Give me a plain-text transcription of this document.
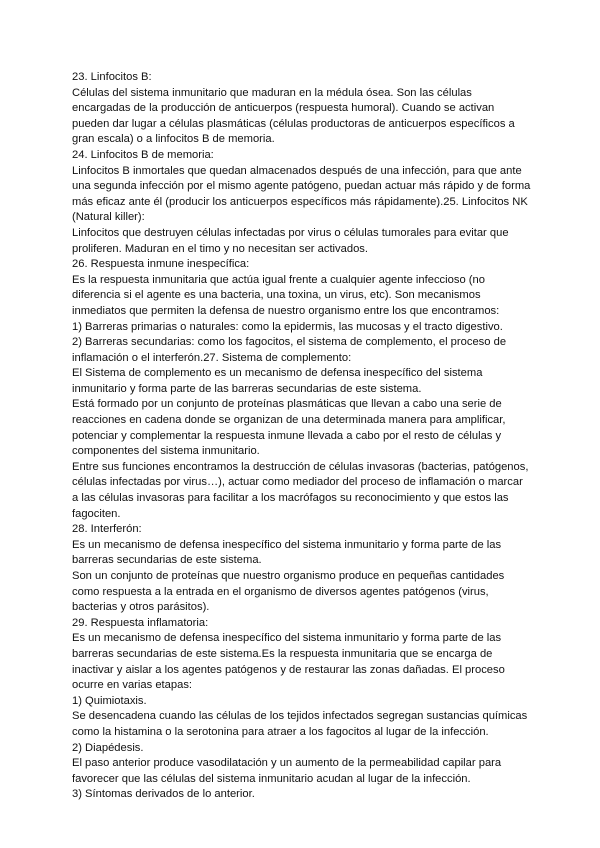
23. Linfocitos B:
Células del sistema inmunitario que maduran en la médula ósea. Son las células
encargadas de la producción de anticuerpos (respuesta humoral). Cuando se activan
pueden dar lugar a células plasmáticas (células productoras de anticuerpos específicos a
gran escala) o a linfocitos B de memoria.
24. Linfocitos B de memoria:
Linfocitos B inmortales que quedan almacenados después de una infección, para que ante
una segunda infección por el mismo agente patógeno, puedan actuar más rápido y de forma
más eficaz ante él (producir los anticuerpos específicos más rápidamente).25. Linfocitos NK
(Natural killer):
Linfocitos que destruyen células infectadas por virus o células tumorales para evitar que
proliferen. Maduran en el timo y no necesitan ser activados.
26. Respuesta inmune inespecífica:
Es la respuesta inmunitaria que actúa igual frente a cualquier agente infeccioso (no
diferencia si el agente es una bacteria, una toxina, un virus, etc). Son mecanismos
inmediatos que permiten la defensa de nuestro organismo entre los que encontramos:
1) Barreras primarias o naturales: como la epidermis, las mucosas y el tracto digestivo.
2) Barreras secundarias: como los fagocitos, el sistema de complemento, el proceso de
inflamación o el interferón.27. Sistema de complemento:
El Sistema de complemento es un mecanismo de defensa inespecífico del sistema
inmunitario y forma parte de las barreras secundarias de este sistema.
Está formado por un conjunto de proteínas plasmáticas que llevan a cabo una serie de
reacciones en cadena donde se organizan de una determinada manera para amplificar,
potenciar y complementar la respuesta inmune llevada a cabo por el resto de células y
componentes del sistema inmunitario.
Entre sus funciones encontramos la destrucción de células invasoras (bacterias, patógenos,
células infectadas por virus…), actuar como mediador del proceso de inflamación o marcar
a las células invasoras para facilitar a los macrófagos su reconocimiento y que estos las
fagociten.
28. Interferón:
Es un mecanismo de defensa inespecífico del sistema inmunitario y forma parte de las
barreras secundarias de este sistema.
Son un conjunto de proteínas que nuestro organismo produce en pequeñas cantidades
como respuesta a la entrada en el organismo de diversos agentes patógenos (virus,
bacterias y otros parásitos).
29. Respuesta inflamatoria:
Es un mecanismo de defensa inespecífico del sistema inmunitario y forma parte de las
barreras secundarias de este sistema.Es la respuesta inmunitaria que se encarga de
inactivar y aislar a los agentes patógenos y de restaurar las zonas dañadas. El proceso
ocurre en varias etapas:
1) Quimiotaxis.
Se desencadena cuando las células de los tejidos infectados segregan sustancias químicas
como la histamina o la serotonina para atraer a los fagocitos al lugar de la infección.
2) Diapédesis.
El paso anterior produce vasodilatación y un aumento de la permeabilidad capilar para
favorecer que las células del sistema inmunitario acudan al lugar de la infección.
3) Síntomas derivados de lo anterior.
